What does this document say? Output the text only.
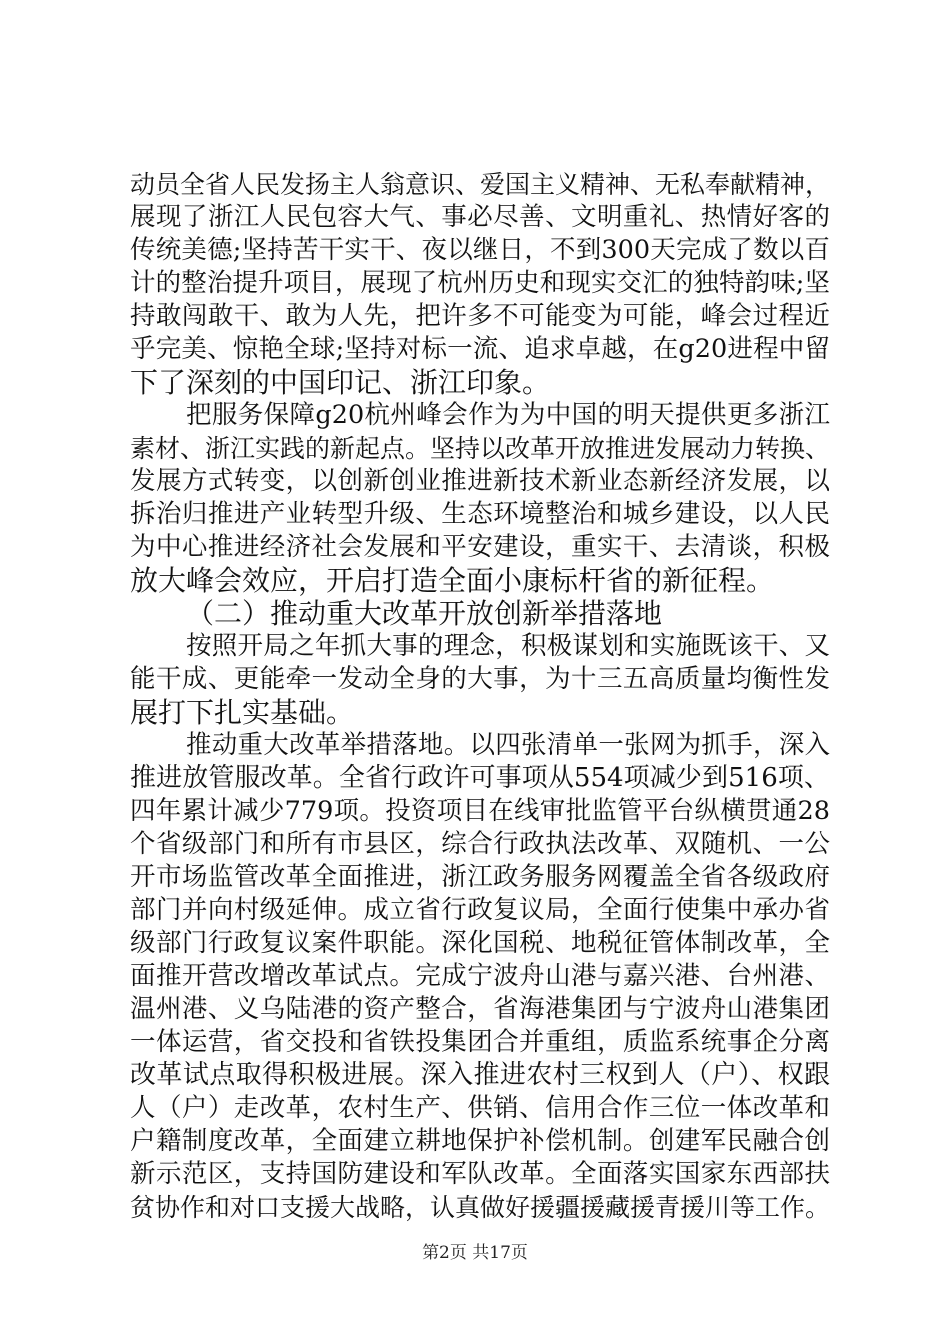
动员全省人民发扬主人翁意识、爱国主义精神、无私奉献精神，
展现了浙江人民包容大气、事必尽善、文明重礼、热情好客的
传统美德;坚持苦干实干、夜以继日，不到300天完成了数以百
计的整治提升项目，展现了杭州历史和现实交汇的独特韵味;坚
持敢闯敢干、敢为人先，把许多不可能变为可能，峰会过程近
乎完美、惊艳全球;坚持对标一流、追求卓越，在g20进程中留
下了深刻的中国印记、浙江印象。
把服务保障g20杭州峰会作为为中国的明天提供更多浙江
素材、浙江实践的新起点。坚持以改革开放推进发展动力转换、
发展方式转变，以创新创业推进新技术新业态新经济发展，以
拆治归推进产业转型升级、生态环境整治和城乡建设，以人民
为中心推进经济社会发展和平安建设，重实干、去清谈，积极
放大峰会效应，开启打造全面小康标杆省的新征程。
（二）推动重大改革开放创新举措落地
按照开局之年抓大事的理念，积极谋划和实施既该干、又
能干成、更能牵一发动全身的大事，为十三五高质量均衡性发
展打下扎实基础。
推动重大改革举措落地。以四张清单一张网为抓手，深入
推进放管服改革。全省行政许可事项从554项减少到516项、
四年累计减少779项。投资项目在线审批监管平台纵横贯通28
个省级部门和所有市县区，综合行政执法改革、双随机、一公
开市场监管改革全面推进，浙江政务服务网覆盖全省各级政府
部门并向村级延伸。成立省行政复议局，全面行使集中承办省
级部门行政复议案件职能。深化国税、地税征管体制改革，全
面推开营改增改革试点。完成宁波舟山港与嘉兴港、台州港、
温州港、义乌陆港的资产整合，省海港集团与宁波舟山港集团
一体运营，省交投和省铁投集团合并重组，质监系统事企分离
改革试点取得积极进展。深入推进农村三权到人（户）、权跟
人（户）走改革，农村生产、供销、信用合作三位一体改革和
户籍制度改革，全面建立耕地保护补偿机制。创建军民融合创
新示范区，支持国防建设和军队改革。全面落实国家东西部扶
贫协作和对口支援大战略，认真做好援疆援藏援青援川等工作。
第2页 共17页
